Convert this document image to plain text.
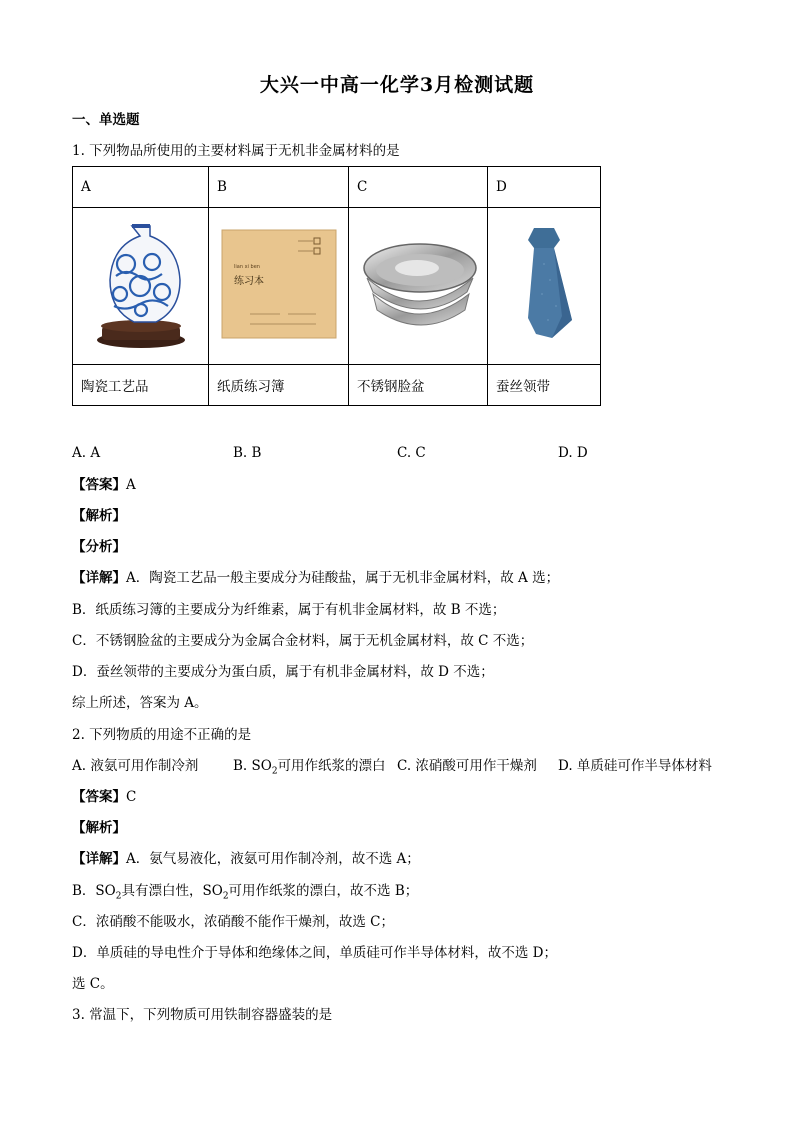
大兴一中高一化学3月检测试题
一、单选题
1. 下列物品所使用的主要材料属于无机非金属材料的是
A	B	C	D

lian xi ben
练习本

陶瓷工艺品	纸质练习簿	不锈钢脸盆	蚕丝领带
A. A	B. B	C. C	D. D
【答案】A
【解析】
【分析】
【详解】A．陶瓷工艺品一般主要成分为硅酸盐，属于无机非金属材料，故 A 选；
B．纸质练习簿的主要成分为纤维素，属于有机非金属材料，故 B 不选；
C．不锈钢脸盆的主要成分为金属合金材料，属于无机金属材料，故 C 不选；
D．蚕丝领带的主要成分为蛋白质，属于有机非金属材料，故 D 不选；
综上所述，答案为 A。
2. 下列物质的用途不正确的是
A. 液氨可用作制冷剂	B. $SO_2$可用作纸浆的漂白 C. 浓硝酸可用作干燥剂 D. 单质硅可作半导体材料
【答案】C
【解析】
【详解】A．氨气易液化，液氨可用作制冷剂，故不选 A；
B．$SO_2$具有漂白性，$SO_2$可用作纸浆的漂白，故不选 B；
C．浓硝酸不能吸水，浓硝酸不能作干燥剂，故选 C；
D．单质硅的导电性介于导体和绝缘体之间，单质硅可作半导体材料，故不选 D；
选 C。
3. 常温下，下列物质可用铁制容器盛装的是
